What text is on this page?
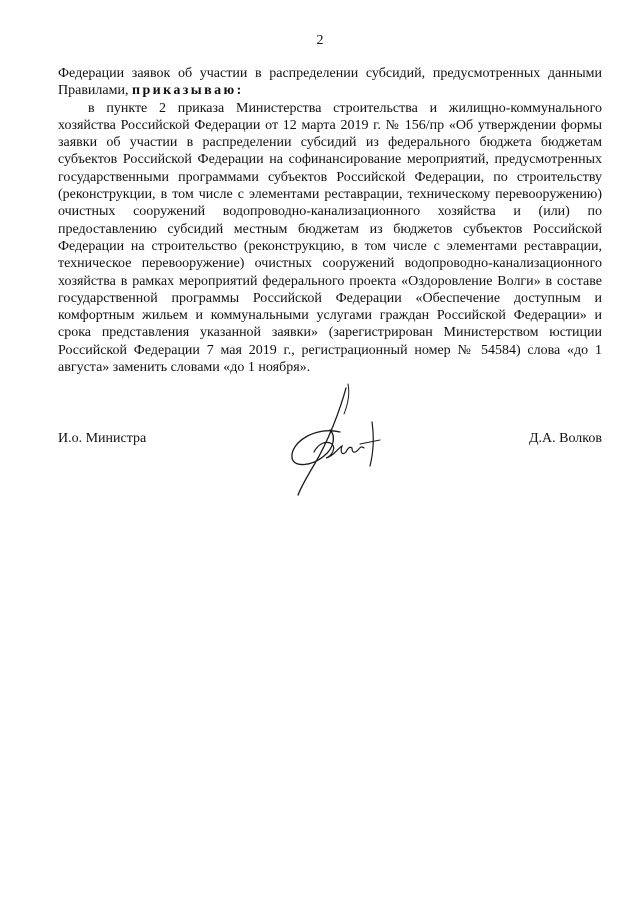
2

Федерации заявок об участии в распределении субсидий, предусмотренных данными Правилами, приказываю:

в пункте 2 приказа Министерства строительства и жилищно-коммунального хозяйства Российской Федерации от 12 марта 2019 г. № 156/пр «Об утверждении формы заявки об участии в распределении субсидий из федерального бюджета бюджетам субъектов Российской Федерации на софинансирование мероприятий, предусмотренных государственными программами субъектов Российской Федерации, по строительству (реконструкции, в том числе с элементами реставрации, техническому перевооружению) очистных сооружений водопроводно-канализационного хозяйства и (или) по предоставлению субсидий местным бюджетам из бюджетов субъектов Российской Федерации на строительство (реконструкцию, в том числе с элементами реставрации, техническое перевооружение) очистных сооружений водопроводно-канализационного хозяйства в рамках мероприятий федерального проекта «Оздоровление Волги» в составе государственной программы Российской Федерации «Обеспечение доступным и комфортным жильем и коммунальными услугами граждан Российской Федерации» и срока представления указанной заявки» (зарегистрирован Министерством юстиции Российской Федерации 7 мая 2019 г., регистрационный номер № 54584) слова «до 1 августа» заменить словами «до 1 ноября».

И.о. Министра	Д.А. Волков
